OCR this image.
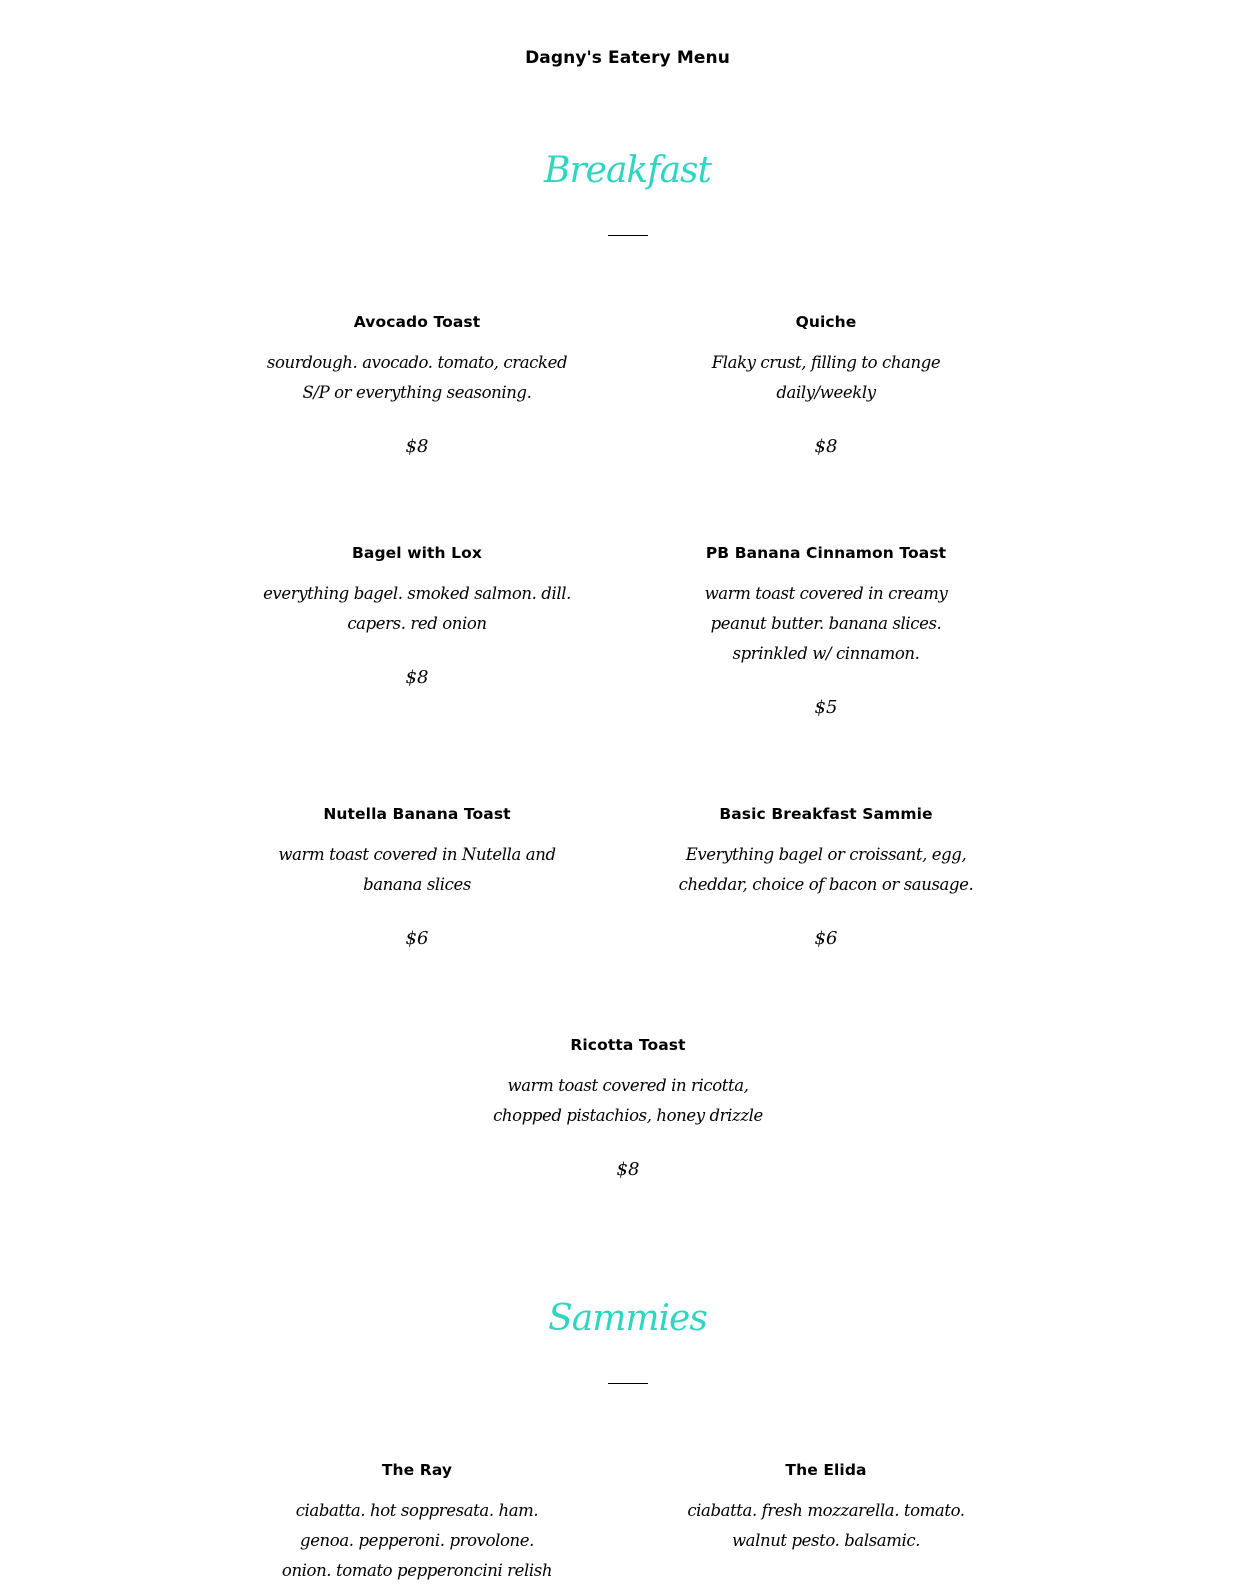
Dagny's Eatery Menu
Breakfast

Avocado Toast

sourdough. avocado. tomato, cracked S/P or everything seasoning.

$8

Quiche

Flaky crust, filling to change daily/weekly

$8

Bagel with Lox

everything bagel. smoked salmon. dill. capers. red onion

$8

PB Banana Cinnamon Toast

warm toast covered in creamy peanut butter. banana slices. sprinkled w/ cinnamon.

$5

Nutella Banana Toast

warm toast covered in Nutella and banana slices

$6

Basic Breakfast Sammie

Everything bagel or croissant, egg, cheddar, choice of bacon or sausage.

$6

Ricotta Toast

warm toast covered in ricotta, chopped pistachios, honey drizzle

$8

Sammies

The Ray

ciabatta. hot soppresata. ham. genoa. pepperoni. provolone. onion. tomato pepperoncini relish

The Elida

ciabatta. fresh mozzarella. tomato. walnut pesto. balsamic.
